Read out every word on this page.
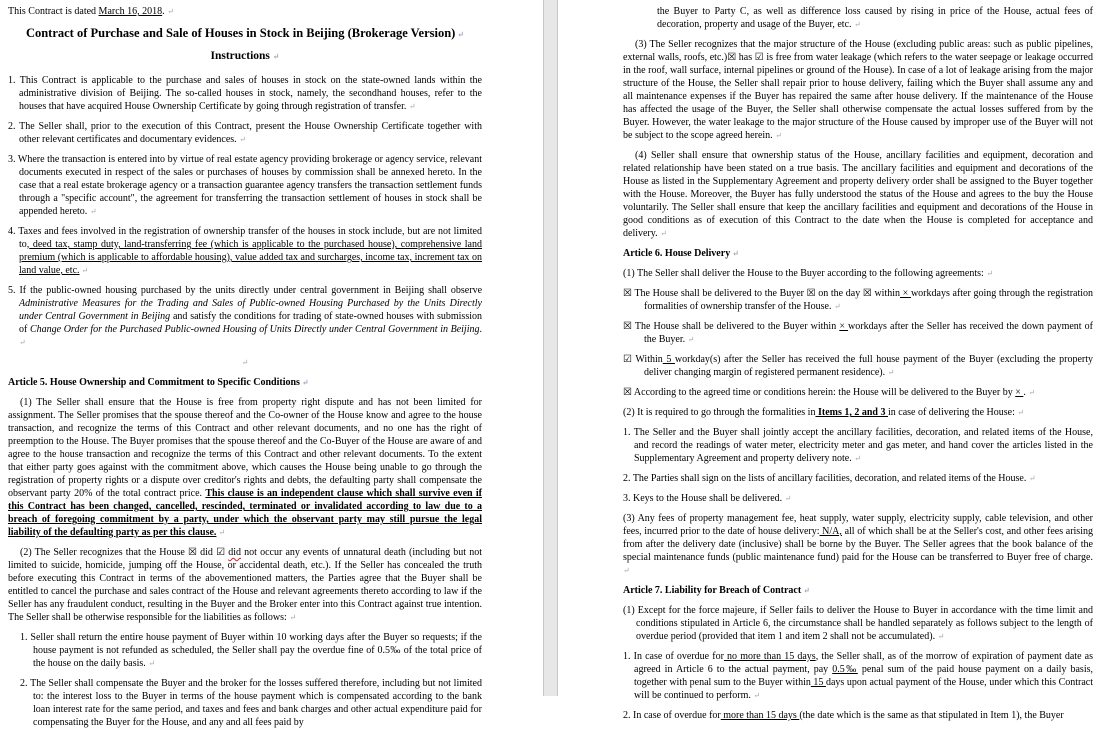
This Contract is dated March 16, 2018. ↵
Contract of Purchase and Sale of Houses in Stock in Beijing (Brokerage Version) ↵
Instructions ↵
1. This Contract is applicable to the purchase and sales of houses in stock on the state-owned lands within the administrative division of Beijing. The so-called houses in stock, namely, the secondhand houses, refer to the houses that have acquired House Ownership Certificate by going through registration of transfer. ↵
2. The Seller shall, prior to the execution of this Contract, present the House Ownership Certificate together with other relevant certificates and documentary evidences. ↵
3. Where the transaction is entered into by virtue of real estate agency providing brokerage or agency service, relevant documents executed in respect of the sales or purchases of houses by commission shall be annexed hereto. In the case that a real estate brokerage agency or a transaction guarantee agency transfers the transaction settlement funds through a "specific account", the agreement for transferring the transaction settlement of houses in stock shall be appended hereto. ↵
4. Taxes and fees involved in the registration of ownership transfer of the houses in stock include, but are not limited to, deed tax, stamp duty, land-transferring fee (which is applicable to the purchased house), comprehensive land premium (which is applicable to affordable housing), value added tax and surcharges, income tax, increment tax on land value, etc. ↵
5. If the public-owned housing purchased by the units directly under central government in Beijing shall observe Administrative Measures for the Trading and Sales of Public-owned Housing Purchased by the Units Directly under Central Government in Beijing and satisfy the conditions for trading of state-owned houses with submission of Change Order for the Purchased Public-owned Housing of Units Directly under Central Government in Beijing. ↵
↵
Article 5. House Ownership and Commitment to Specific Conditions ↵
(1) The Seller shall ensure that the House is free from property right dispute and has not been limited for assignment. The Seller promises that the spouse thereof and the Co-owner of the House know and agree to the house transaction, and recognize the terms of this Contract and other relevant documents, and no one has the right of preemption to the House. The Buyer promises that the spouse thereof and the Co-Buyer of the House are aware of and agree to the house transaction and recognize the terms of this Contract and other relevant documents. To the extent that either party goes against with the commitment above, which causes the House being unable to go through the registration of property rights or a dispute over creditor's rights and debts, the defaulting party shall compensate the observant party 20% of the total contract price. This clause is an independent clause which shall survive even if this Contract has been changed, cancelled, rescinded, terminated or invalidated according to law due to a breach of foregoing commitment by a party, under which the observant party may still pursue the legal liability of the defaulting party as per this clause. ↵
(2) The Seller recognizes that the House ☒ did ☑ did not occur any events of unnatural death (including but not limited to suicide, homicide, jumping off the House, or accidental death, etc.). If the Seller has concealed the truth before executing this Contract in terms of the abovementioned matters, the Parties agree that the Buyer shall be entitled to cancel the purchase and sales contract of the House and relevant agreements thereto according to law if the Seller has any fraudulent conduct, resulting in the Buyer and the Broker enter into this Contract against true intention. The Seller shall be otherwise responsible for the liabilities as follows: ↵
1. Seller shall return the entire house payment of Buyer within 10 working days after the Buyer so requests; if the house payment is not refunded as scheduled, the Seller shall pay the overdue fine of 0.5‰ of the total price of the house on the daily basis. ↵
2. The Seller shall compensate the Buyer and the broker for the losses suffered therefore, including but not limited to: the interest loss to the Buyer in terms of the house payment which is compensated according to the bank loan interest rate for the same period, and taxes and fees and bank charges and other actual expenditure paid for compensating the Buyer for the House, and any and all fees paid by
the Buyer to Party C, as well as difference loss caused by rising in price of the House, actual fees of decoration, property and usage of the Buyer, etc. ↵
(3) The Seller recognizes that the major structure of the House (excluding public areas: such as public pipelines, external walls, roofs, etc.)☒ has ☑ is free from water leakage (which refers to the water seepage or leakage occurred in the roof, wall surface, internal pipelines or ground of the House). In case of a lot of leakage arising from the major structure of the House, the Seller shall repair prior to house delivery, failing which the Buyer shall assume any and all maintenance expenses if the Buyer has repaired the same after house delivery. If the maintenance of the House has affected the usage of the Buyer, the Seller shall otherwise compensate the actual losses suffered from by the Buyer. However, the water leakage to the major structure of the House caused by improper use of the Buyer will not be subject to the scope agreed herein. ↵
(4) Seller shall ensure that ownership status of the House, ancillary facilities and equipment, decoration and related relationship have been stated on a true basis. The ancillary facilities and equipment and decorations of the House as listed in the Supplementary Agreement and property delivery order shall be assigned to the Buyer together with the House. Moreover, the Buyer has fully understood the status of the House and agrees to the buy the House voluntarily. The Seller shall ensure that keep the ancillary facilities and equipment and decorations of the House in good conditions as of execution of this Contract to the date when the House is completed for acceptance and delivery. ↵
Article 6. House Delivery ↵
(1) The Seller shall deliver the House to the Buyer according to the following agreements: ↵
☒ The House shall be delivered to the Buyer ☒ on the day ☒ within × workdays after going through the registration formalities of ownership transfer of the House. ↵
☒ The House shall be delivered to the Buyer within × workdays after the Seller has received the down payment of the Buyer. ↵
☑ Within 5 workday(s) after the Seller has received the full house payment of the Buyer (excluding the property deliver changing margin of registered permanent residence). ↵
☒ According to the agreed time or conditions herein: the House will be delivered to the Buyer by × . ↵
(2) It is required to go through the formalities in Items 1, 2 and 3 in case of delivering the House: ↵
1. The Seller and the Buyer shall jointly accept the ancillary facilities, decoration, and related items of the House, and record the readings of water meter, electricity meter and gas meter, and hand cover the articles listed in the Supplementary Agreement and property delivery note. ↵
2. The Parties shall sign on the lists of ancillary facilities, decoration, and related items of the House. ↵
3. Keys to the House shall be delivered. ↵
(3) Any fees of property management fee, heat supply, water supply, electricity supply, cable television, and other fees, incurred prior to the date of house delivery: N/A, all of which shall be at the Seller's cost, and other fees arising from after the delivery date (inclusive) shall be borne by the Buyer. The Seller agrees that the book balance of the special maintenance funds (public maintenance fund) paid for the House can be transferred to Buyer free of charge. ↵
Article 7. Liability for Breach of Contract ↵
(1) Except for the force majeure, if Seller fails to deliver the House to Buyer in accordance with the time limit and conditions stipulated in Article 6, the circumstance shall be handled separately as follows subject to the length of overdue period (provided that item 1 and item 2 shall not be accumulated). ↵
1. In case of overdue for no more than 15 days, the Seller shall, as of the morrow of expiration of payment date as agreed in Article 6 to the actual payment, pay 0.5‰ penal sum of the paid house payment on a daily basis, together with penal sum to the Buyer within 15 days upon actual payment of the House, under which this Contract will be continued to perform. ↵
2. In case of overdue for more than 15 days (the date which is the same as that stipulated in Item 1), the Buyer
